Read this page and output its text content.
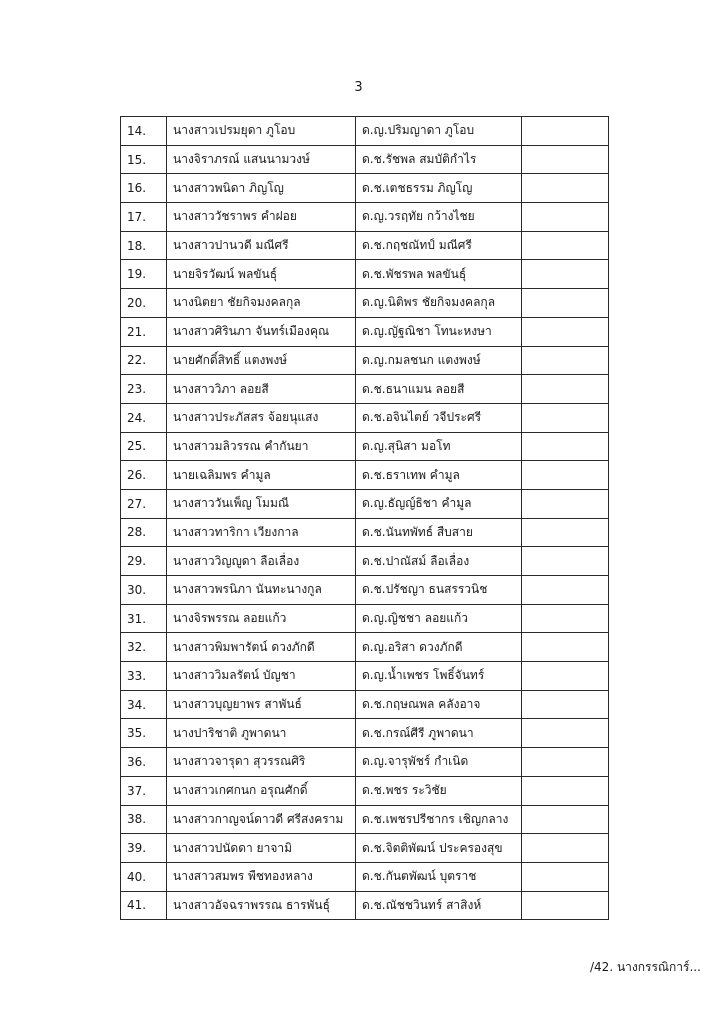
3
14.	นางสาวเปรมยุดา ภูโอบ	ด.ญ.ปริมญาดา ภูโอบ	
15.	นางจิราภรณ์ แสนนามวงษ์	ด.ช.รัชพล สมบัติกำไร	
16.	นางสาวพนิดา ภิญโญ	ด.ช.เตชธรรม ภิญโญ	
17.	นางสาววัชราพร คำฝอย	ด.ญ.วรฤทัย กว้างไชย	
18.	นางสาวปานวดี มณีศรี	ด.ช.กฤชณัทป์ มณีศรี	
19.	นายจิรวัฒน์ พลขันธุ์	ด.ช.พัชรพล พลขันธุ์	
20.	นางนิตยา ชัยกิจมงคลกุล	ด.ญ.นิติพร ชัยกิจมงคลกุล	
21.	นางสาวศิรินภา จันทร์เมืองคุณ	ด.ญ.ญัฐณิชา โทนะหงษา	
22.	นายศักดิ์สิทธิ์ แตงพงษ์	ด.ญ.กมลชนก แตงพงษ์	
23.	นางสาววิภา ลอยสี	ด.ช.ธนาแมน ลอยสี	
24.	นางสาวประภัสสร จ้อยนุแสง	ด.ช.อจินไตย์ วจีประศรี	
25.	นางสาวมลิวรรณ คำกันยา	ด.ญ.สุนิสา มอโท	
26.	นายเฉลิมพร คำมูล	ด.ช.ธราเทพ คำมูล	
27.	นางสาววันเพ็ญ โมมณี	ด.ญ.ธัญญ์ธิชา คำมูล	
28.	นางสาวทาริกา เวียงกาล	ด.ช.นันทพัทธ์ สืบสาย	
29.	นางสาววิญญูดา ลือเลื่อง	ด.ช.ปาณัสม์ ลือเลื่อง	
30.	นางสาวพรนิภา นันทะนางกูล	ด.ช.ปรัชญา ธนสรรวนิช	
31.	นางจิรพรรณ ลอยแก้ว	ด.ญ.ญิชชา ลอยแก้ว	
32.	นางสาวพิมพารัตน์ ดวงภักดี	ด.ญ.อริสา ดวงภักดี	
33.	นางสาววิมลรัตน์ บัญชา	ด.ญ.น้ำเพชร โพธิ์จันทร์	
34.	นางสาวบุญยาพร สาพันธ์	ด.ช.กฤษณพล คลังอาจ	
35.	นางปาริชาติ ภูพาดนา	ด.ช.กรณ์ศีรี ภูพาดนา	
36.	นางสาวจารุดา สุวรรณศิริ	ด.ญ.จารุพัชร์ กำเนิด	
37.	นางสาวเกศกนก อรุณศักดิ์	ด.ช.พชร ระวิชัย	
38.	นางสาวกาญจน์ดาวดี ศรีสงคราม	ด.ช.เพชรปรีชากร เชิญกลาง	
39.	นางสาวปนัดดา ยาจามิ	ด.ช.จิตติพัฒน์ ประครองสุข	
40.	นางสาวสมพร พืชทองหลาง	ด.ช.กันตพัฒน์ บุตราช	
41.	นางสาวอัจฉราพรรณ ธารพันธุ์	ด.ช.ณัชชวินทร์ สาสิงห์	
/42. นางกรรณิการ์...
